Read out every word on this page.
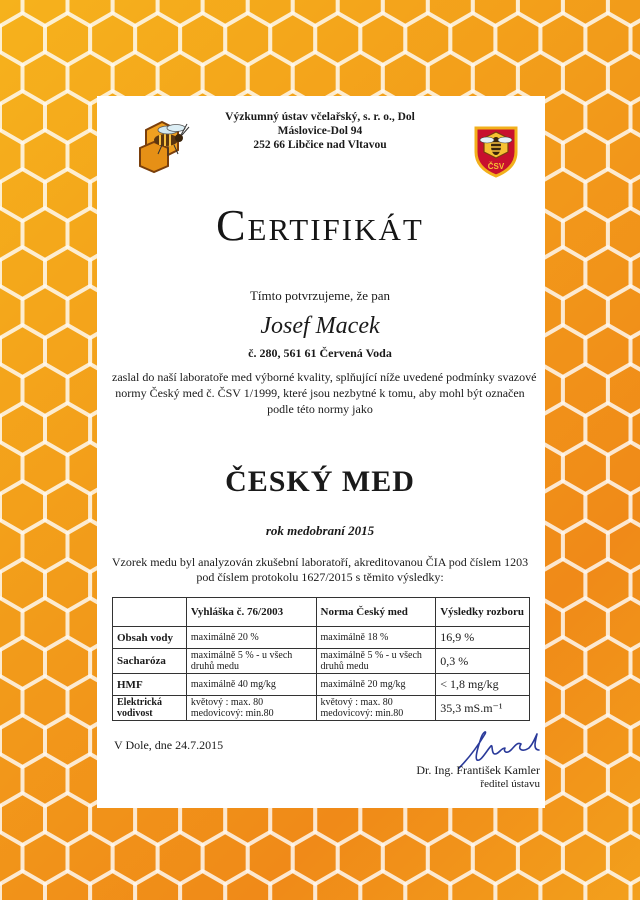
ČSV
Výzkumný ústav včelařský, s. r. o., Dol
Máslovice-Dol 94
252 66 Libčice nad Vltavou
Certifikát
Tímto potvrzujeme, že pan
Josef Macek
č. 280, 561 61 Červená Voda
zaslal do naší laboratoře med výborné kvality, splňující níže uvedené podmínky svazové
normy Český med č. ČSV 1/1999, které jsou nezbytné k tomu, aby mohl být označen
podle této normy jako
ČESKÝ MED
rok medobraní 2015
Vzorek medu byl analyzován zkušební laboratoří, akreditovanou ČIA pod číslem 1203
pod číslem protokolu 1627/2015 s těmito výsledky:
	Vyhláška č. 76/2003	Norma Český med	Výsledky rozboru
Obsah vody	maximálně 20 %	maximálně 18 %	16,9 %
Sacharóza	maximálně 5 % - u všech druhů medu	maximálně 5 % - u všech druhů medu	0,3 %
HMF	maximálně 40 mg/kg	maximálně 20 mg/kg	< 1,8 mg/kg
Elektrická vodivost	květový : max. 80 medovicový: min.80	květový : max. 80 medovicový: min.80	35,3 mS.m⁻¹
V Dole, dne 24.7.2015
Dr. Ing. František Kamler
ředitel ústavu
